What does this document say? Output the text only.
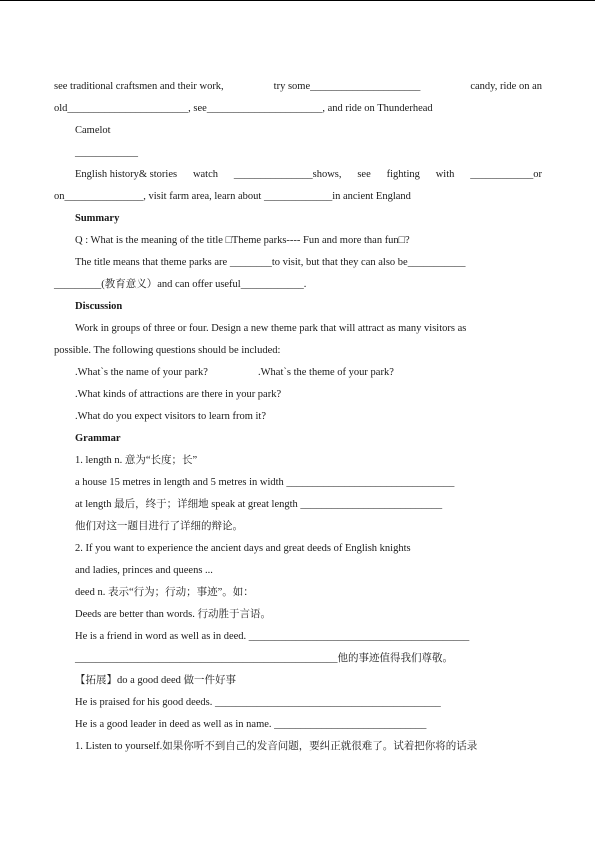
see traditional craftsmen and their work,	try some_____________________	candy, ride on an
old_______________________, see______________________, and ride on Thunderhead
Camelot
____________
English history& stories watch _______________shows, see fighting with ____________or
on_______________, visit farm area, learn about _____________in ancient England
Summary
Q : What is the meaning of the title □Theme parks---- Fun and more than fun□?
The title means that theme parks are ________to visit, but that they can also be___________
_________(教育意义）and can offer useful____________.
Discussion
Work in groups of three or four. Design a new theme park that will attract as many visitors as
possible. The following questions should be included:
.What`s the name of your park?	.What`s the theme of your park?
.What kinds of attractions are there in your park?
.What do you expect visitors to learn from it?
Grammar
1. length n. 意为“长度；长”
a house 15 metres in length and 5 metres in width ________________________________
at length 最后，终于；详细地 speak at great length ___________________________
他们对这一题目进行了详细的辩论。
2. If you want to experience the ancient days and great deeds of English knights
and ladies, princes and queens ...
deed n. 表示“行为；行动；事迹”。如：
Deeds are better than words. 行动胜于言语。
He is a friend in word as well as in deed. __________________________________________
__________________________________________________他的事迹值得我们尊敬。
【拓展】do a good deed 做一件好事
He is praised for his good deeds. ___________________________________________
He is a good leader in deed as well as in name. _____________________________
1. Listen to yourself.如果你听不到自己的发音问题，要纠正就很难了。试着把你将的话录
